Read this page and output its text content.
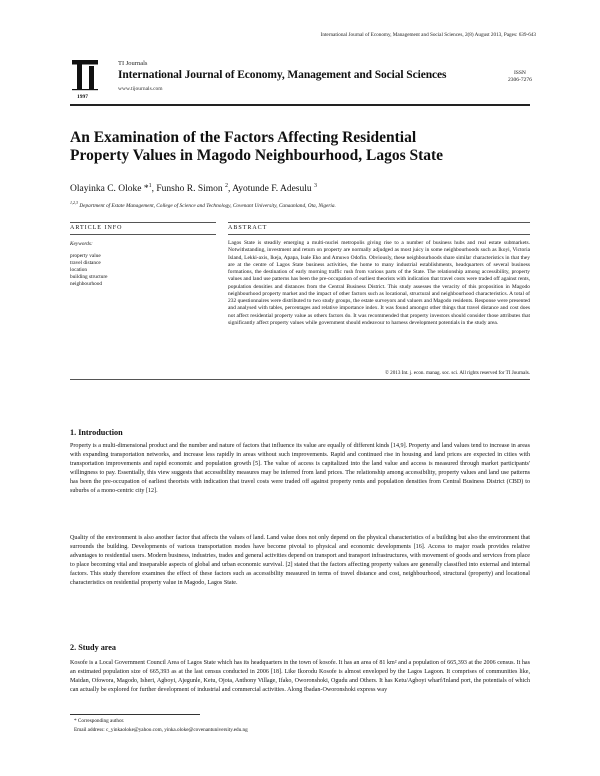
International Journal of Economy, Management and Social Sciences, 2(8) August 2013, Pages: 639-643
1997
TI Journals
International Journal of Economy, Management and Social Sciences
www.tijournals.com
ISSN
2306-7276
An Examination of the Factors Affecting Residential Property Values in Magodo Neighbourhood, Lagos State
Olayinka C. Oloke *$^1$, Funsho R. Simon $^2$, Ayotunde F. Adesulu $^3$
$^{1,2,3}$ Department of Estate Management, College of Science and Technology, Covenant University, Canaanland, Ota, Nigeria.
ARTICLE INFO	ABSTRACT
Keywords:
property value
travel distance
location
building structure
neighbourhood

Lagos State is steadily emerging a multi-nuclei metropolis giving rise to a number of business hubs and real estate submarkets. Notwithstanding, investment and return on property are normally adjudged as most juicy in some neighbourhoods such as Ikoyi, Victoria Island, Lekki-axis, Ikeja, Apapa, Isale Eko and Amuwo Odofin. Obviously, these neighbourhoods share similar characteristics in that they are at the centre of Lagos State business activities, the home to many industrial establishments, headquarters of several business formations, the destination of early morning traffic rush from various parts of the State. The relationship among accessibility, property values and land use patterns has been the pre-occupation of earliest theorists with indication that travel costs were traded off against rents, population densities and distances from the Central Business District. This study assesses the veracity of this proposition in Magodo neighbourhood property market and the impact of other factors such as locational, structural and neighbourhood characteristics. A total of 232 questionnaires were distributed to two study groups, the estate surveyors and valuers and Magodo residents. Response were presented and analysed with tables, percentages and relative importance index. It was found amongst other things that travel distance and cost does not affect residential property value as others factors do. It was recommended that property investors should consider those attributes that significantly affect property values while government should endeavour to harness development potentials in the study area.

© 2013 Int. j. econ. manag. soc. sci. All rights reserved for TI Journals.
1. Introduction

Property is a multi-dimensional product and the number and nature of factors that influence its value are equally of different kinds [14,9]. Property and land values tend to increase in areas with expanding transportation networks, and increase less rapidly in areas without such improvements. Rapid and continued rise in housing and land prices are expected in cities with transportation improvements and rapid economic and population growth [5]. The value of access is capitalized into the land value and access is measured through market participants' willingness to pay. Essentially, this view suggests that accessibility measures may be inferred from land prices. The relationship among accessibility, property values and land use patterns has been the pre-occupation of earliest theorists with indication that travel costs were traded off against property rents and population densities from Central Business District (CBD) to suburbs of a mono-centric city [12].

Quality of the environment is also another factor that affects the values of land. Land value does not only depend on the physical characteristics of a building but also the environment that surrounds the building. Developments of various transportation modes have become pivotal to physical and economic developments [16]. Access to major roads provides relative advantages to residential users. Modern business, industries, trades and general activities depend on transport and transport infrastructures, with movement of goods and services from place to place becoming vital and inseparable aspects of global and urban economic survival. [2] stated that the factors affecting property values are generally classified into external and internal factors. This study therefore examines the effect of these factors such as accessibility measured in terms of travel distance and cost, neighbourhood, structural (property) and locational characteristics on residential property value in Magodo, Lagos State.

2. Study area

Kosofe is a Local Government Council Area of Lagos State which has its headquarters in the town of kosofe. It has an area of 81 km² and a population of 665,393 at the 2006 census. It has an estimated population size of 665,393 as at the last census conducted in 2006 [18]. Like Ikorodu Kosofe is almost enveloped by the Lagos Lagoon. It comprises of communities like, Maidan, Ofowora, Magodo, Isheri, Agboyi, Ajegunle, Ketu, Ojota, Anthony Village, Ifako, Oworonshoki, Ogudu and Others. It has Ketu/Agboyi wharf/Inland port, the potentials of which can actually be explored for further development of industrial and commercial activities. Along Ibadan-Oworonshoki express way

* Corresponding author.
Email address: c_yinkaoloke@yahoo.com, yinka.oloke@covenantuniversity.edu.ng
